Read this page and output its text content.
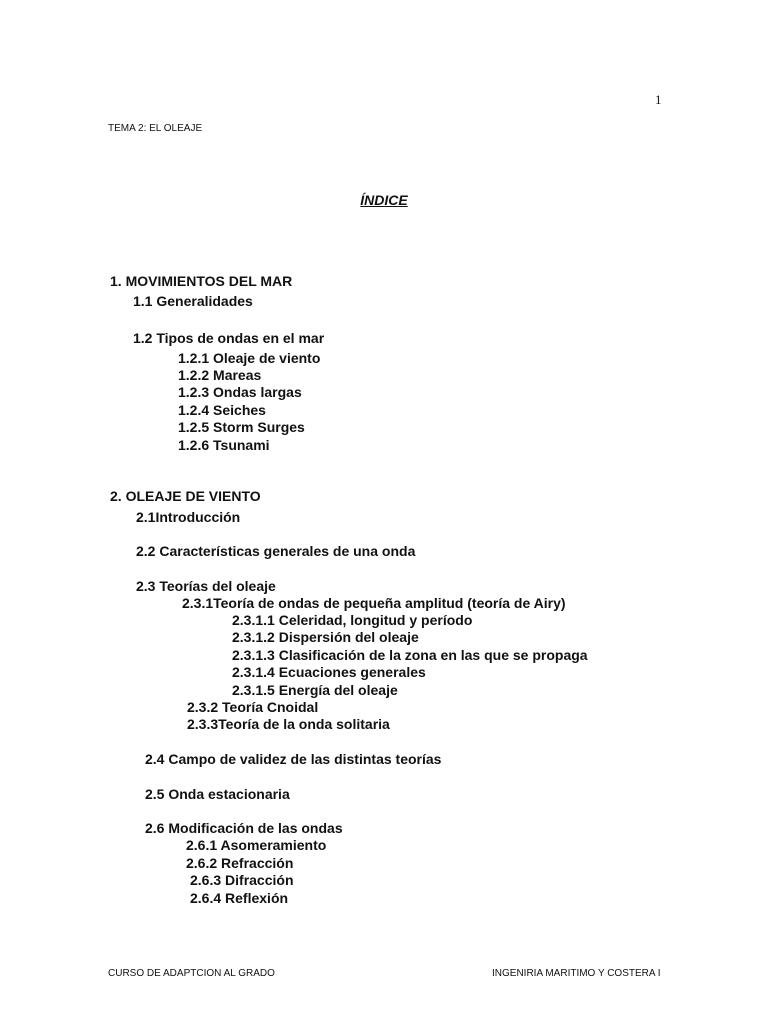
1
TEMA 2: EL OLEAJE
ÍNDICE
1. MOVIMIENTOS DEL MAR
1.1 Generalidades
1.2 Tipos de ondas en el mar
1.2.1 Oleaje de viento
1.2.2 Mareas
1.2.3 Ondas largas
1.2.4 Seiches
1.2.5 Storm Surges
1.2.6 Tsunami
2. OLEAJE DE VIENTO
2.1Introducción
2.2 Características generales de una onda
2.3 Teorías del oleaje
2.3.1Teoría de ondas de pequeña amplitud (teoría de Airy)
2.3.1.1 Celeridad, longitud y período
2.3.1.2 Dispersión del oleaje
2.3.1.3 Clasificación de la zona en las que se propaga
2.3.1.4 Ecuaciones generales
2.3.1.5 Energía del oleaje
2.3.2 Teoría Cnoidal
2.3.3Teoría de la onda solitaria
2.4 Campo de validez de las distintas teorías
2.5 Onda estacionaria
2.6 Modificación de las ondas
2.6.1 Asomeramiento
2.6.2 Refracción
2.6.3 Difracción
2.6.4 Reflexión
CURSO DE ADAPTCION AL GRADO	INGENIRIA MARITIMO Y COSTERA I
